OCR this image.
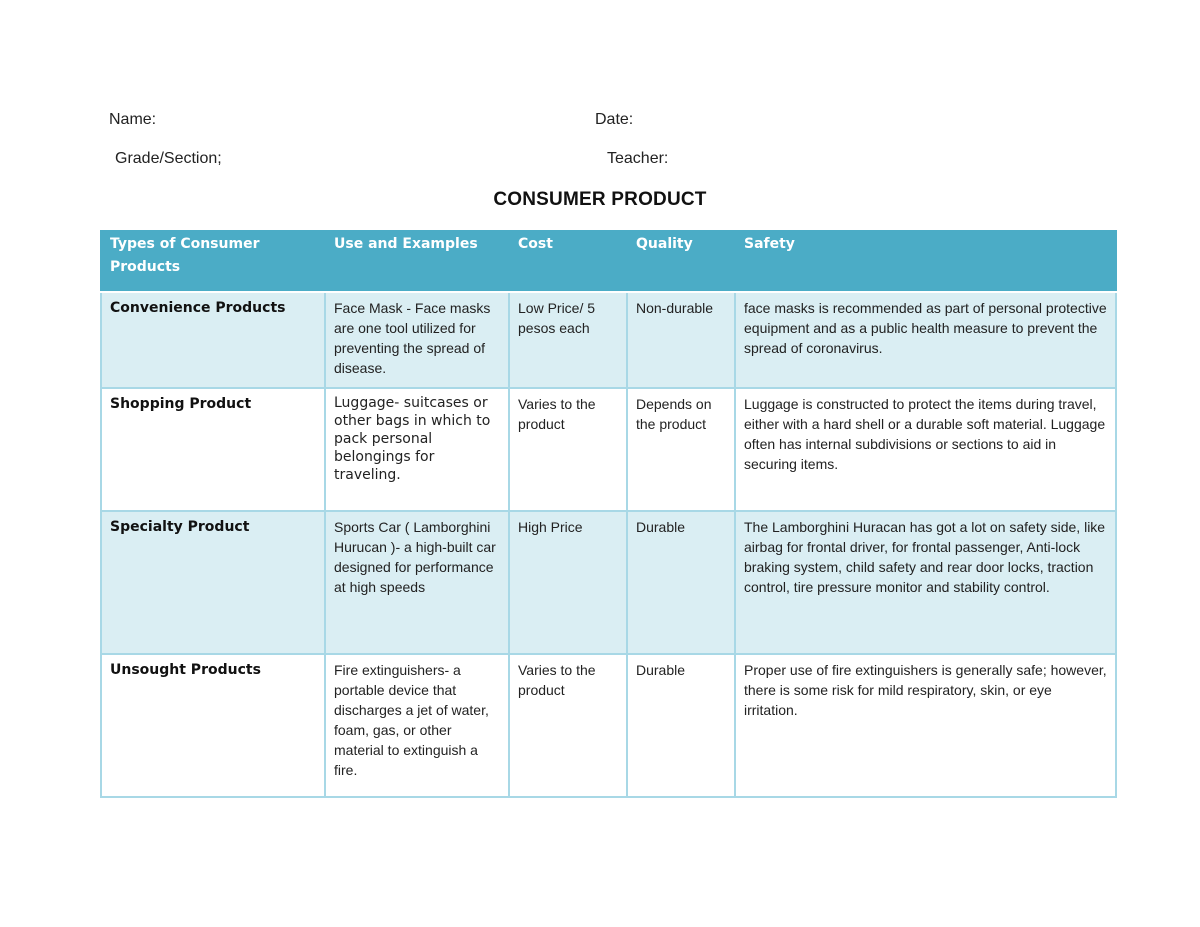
Name:	Date:
Grade/Section;	Teacher:
CONSUMER PRODUCT
Types of Consumer Products	Use and Examples	Cost	Quality	Safety
Convenience Products	Face Mask - Face masks are one tool utilized for preventing the spread of disease.	Low Price/ 5 pesos each	Non-durable	face masks is recommended as part of personal protective equipment and as a public health measure to prevent the spread of coronavirus.
Shopping Product	Luggage- suitcases or other bags in which to pack personal belongings for traveling.	Varies to the product	Depends on the product	Luggage is constructed to protect the items during travel, either with a hard shell or a durable soft material. Luggage often has internal subdivisions or sections to aid in securing items.
Specialty Product	Sports Car ( Lamborghini Hurucan )- a high-built car designed for performance at high speeds	High Price	Durable	The Lamborghini Huracan has got a lot on safety side, like airbag for frontal driver, for frontal passenger, Anti-lock braking system, child safety and rear door locks, traction control, tire pressure monitor and stability control.
Unsought Products	Fire extinguishers- a portable device that discharges a jet of water, foam, gas, or other material to extinguish a fire.	Varies to the product	Durable	Proper use of fire extinguishers is generally safe; however, there is some risk for mild respiratory, skin, or eye irritation.
